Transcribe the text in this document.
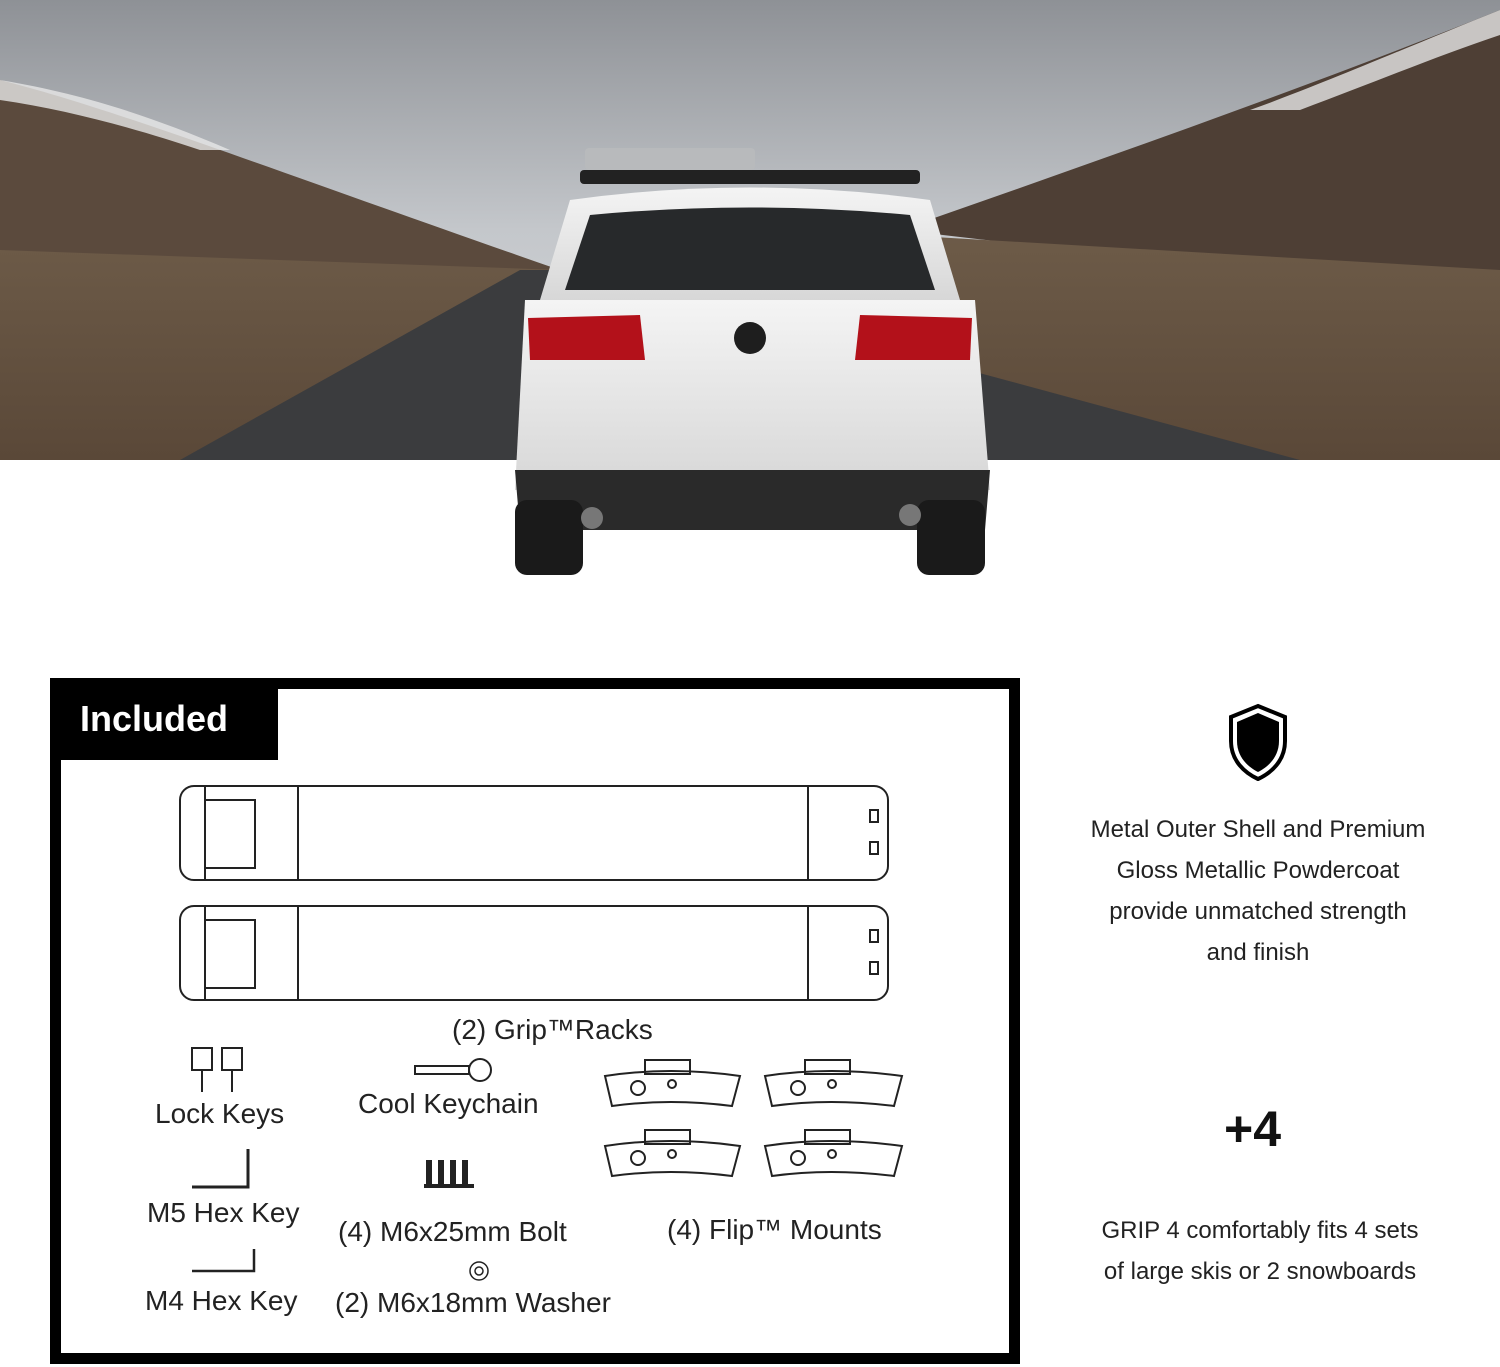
Included
(2) Grip™Racks
Lock Keys	Cool Keychain
M5 Hex Key
(4) M6x25mm Bolt	(4) Flip™ Mounts
M4 Hex Key (2) M6x18mm Washer
Metal Outer Shell and Premium Gloss Metallic Powdercoat provide unmatched strength and finish
+4
GRIP 4 comfortably fits 4 sets of large skis or 2 snowboards
